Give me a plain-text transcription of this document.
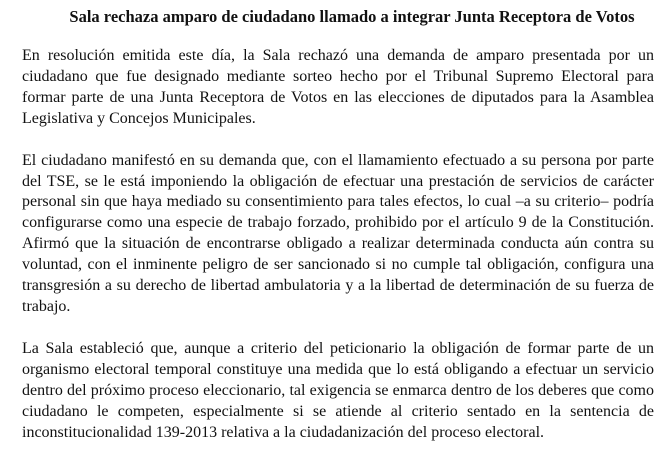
Sala rechaza amparo de ciudadano llamado a integrar Junta Receptora de Votos

En resolución emitida este día, la Sala rechazó una demanda de amparo presentada por un ciudadano que fue designado mediante sorteo hecho por el Tribunal Supremo Electoral para formar parte de una Junta Receptora de Votos en las elecciones de diputados para la Asamblea Legislativa y Concejos Municipales.

El ciudadano manifestó en su demanda que, con el llamamiento efectuado a su persona por parte del TSE, se le está imponiendo la obligación de efectuar una prestación de servicios de carácter personal sin que haya mediado su consentimiento para tales efectos, lo cual –a su criterio– podría configurarse como una especie de trabajo forzado, prohibido por el artículo 9 de la Constitución. Afirmó que la situación de encontrarse obligado a realizar determinada conducta aún contra su voluntad, con el inminente peligro de ser sancionado si no cumple tal obligación, configura una transgresión a su derecho de libertad ambulatoria y a la libertad de determinación de su fuerza de trabajo.

La Sala estableció que, aunque a criterio del peticionario la obligación de formar parte de un organismo electoral temporal constituye una medida que lo está obligando a efectuar un servicio dentro del próximo proceso eleccionario, tal exigencia se enmarca dentro de los deberes que como ciudadano le competen, especialmente si se atiende al criterio sentado en la sentencia de inconstitucionalidad 139-2013 relativa a la ciudadanización del proceso electoral.
